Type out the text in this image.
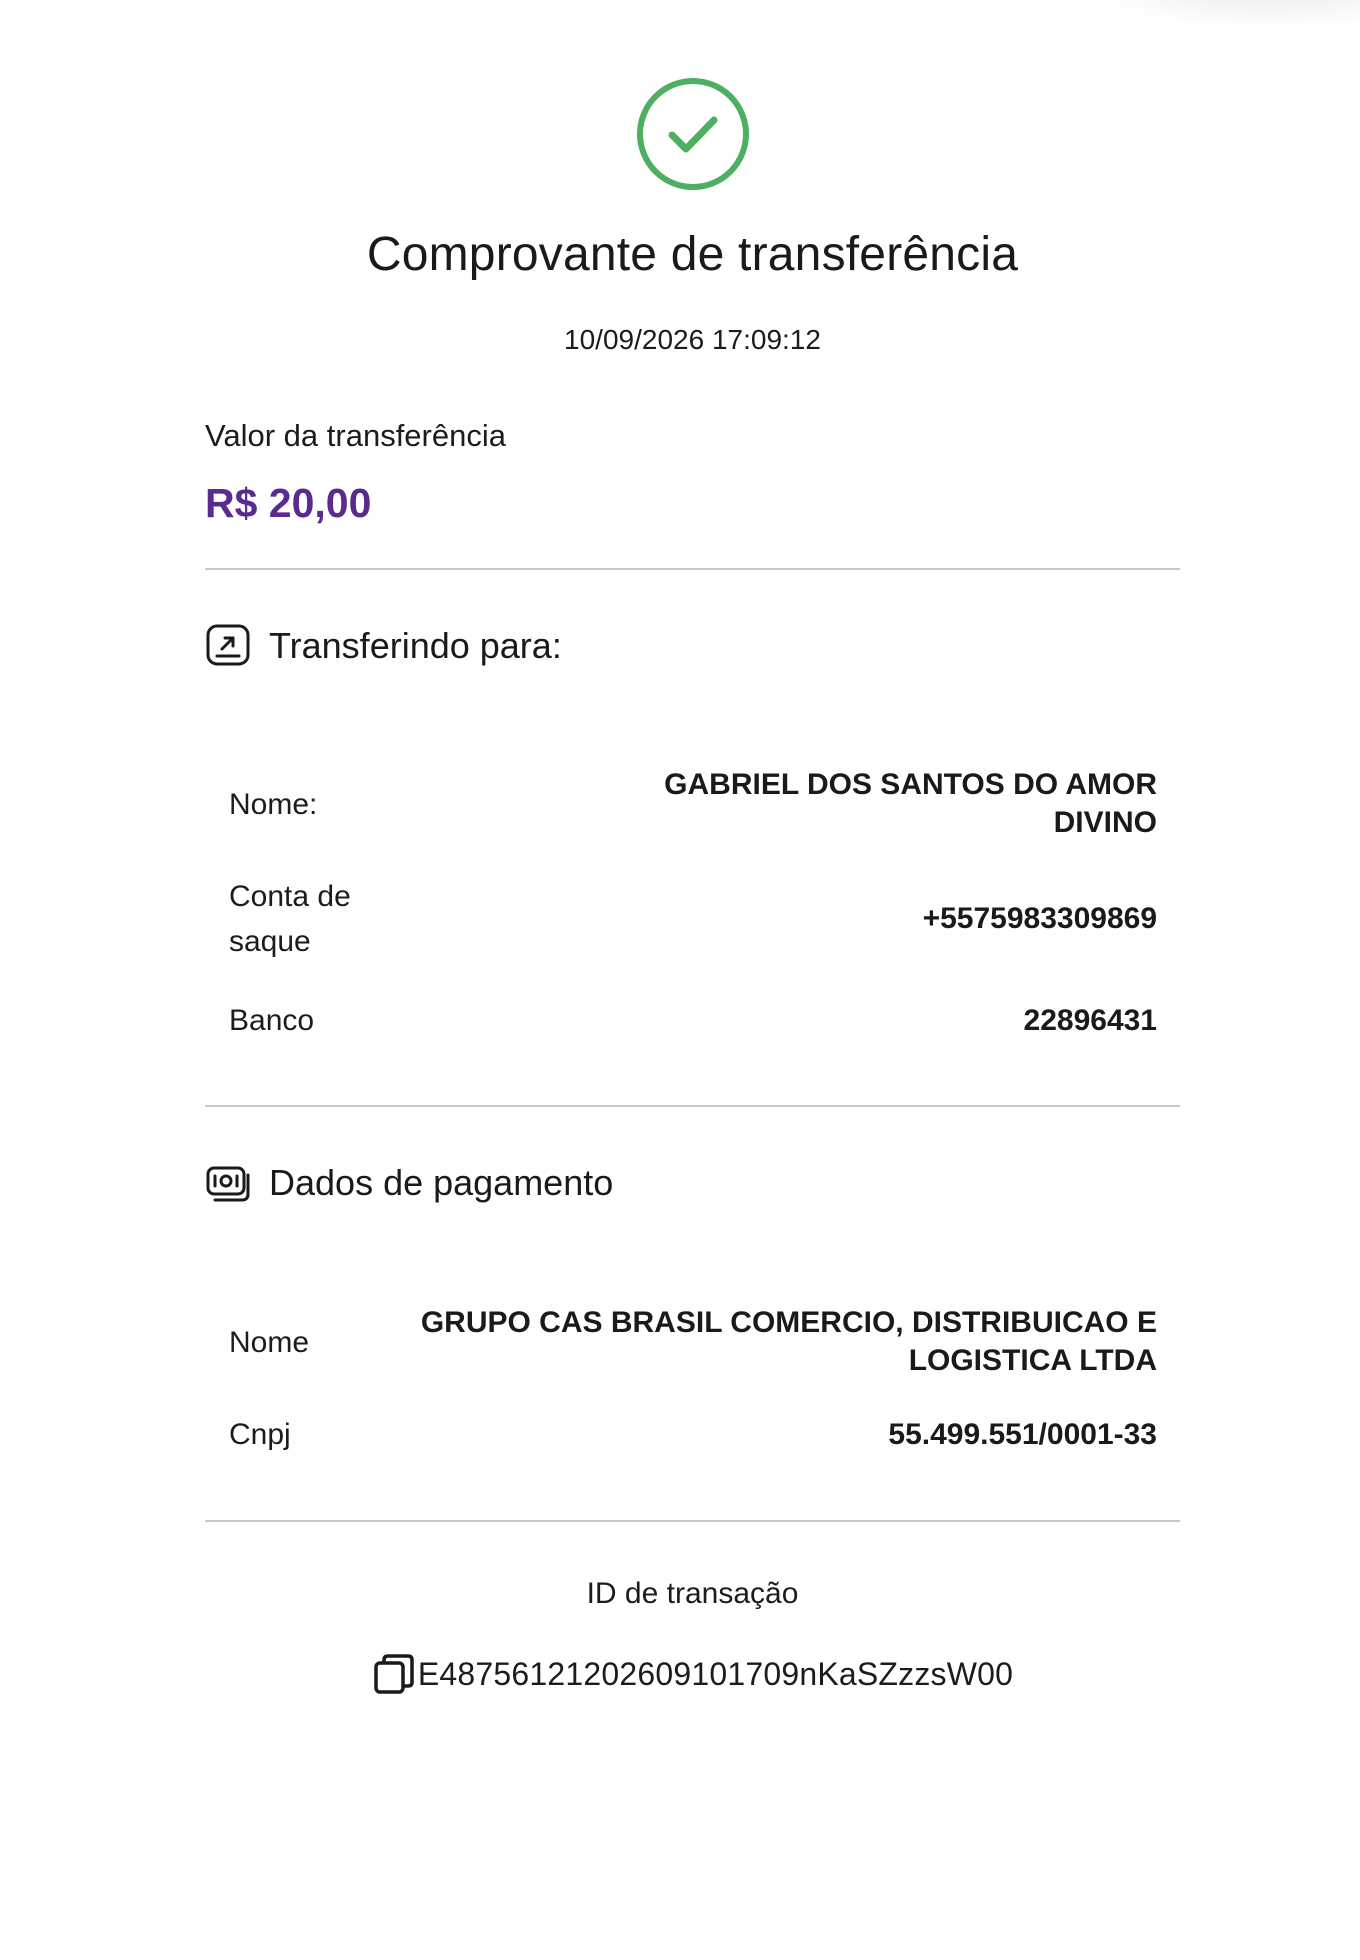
Comprovante de transferência
10/09/2026 17:09:12
Valor da transferência
R$ 20,00
Transferindo para:
Nome:
GABRIEL DOS SANTOS DO AMOR
DIVINO
Conta de
saque
+5575983309869
Banco	22896431
Dados de pagamento
Nome
GRUPO CAS BRASIL COMERCIO, DISTRIBUICAO E
LOGISTICA LTDA
Cnpj	55.499.551/0001-33
ID de transação
E48756121202609101709nKaSZzzsW00
